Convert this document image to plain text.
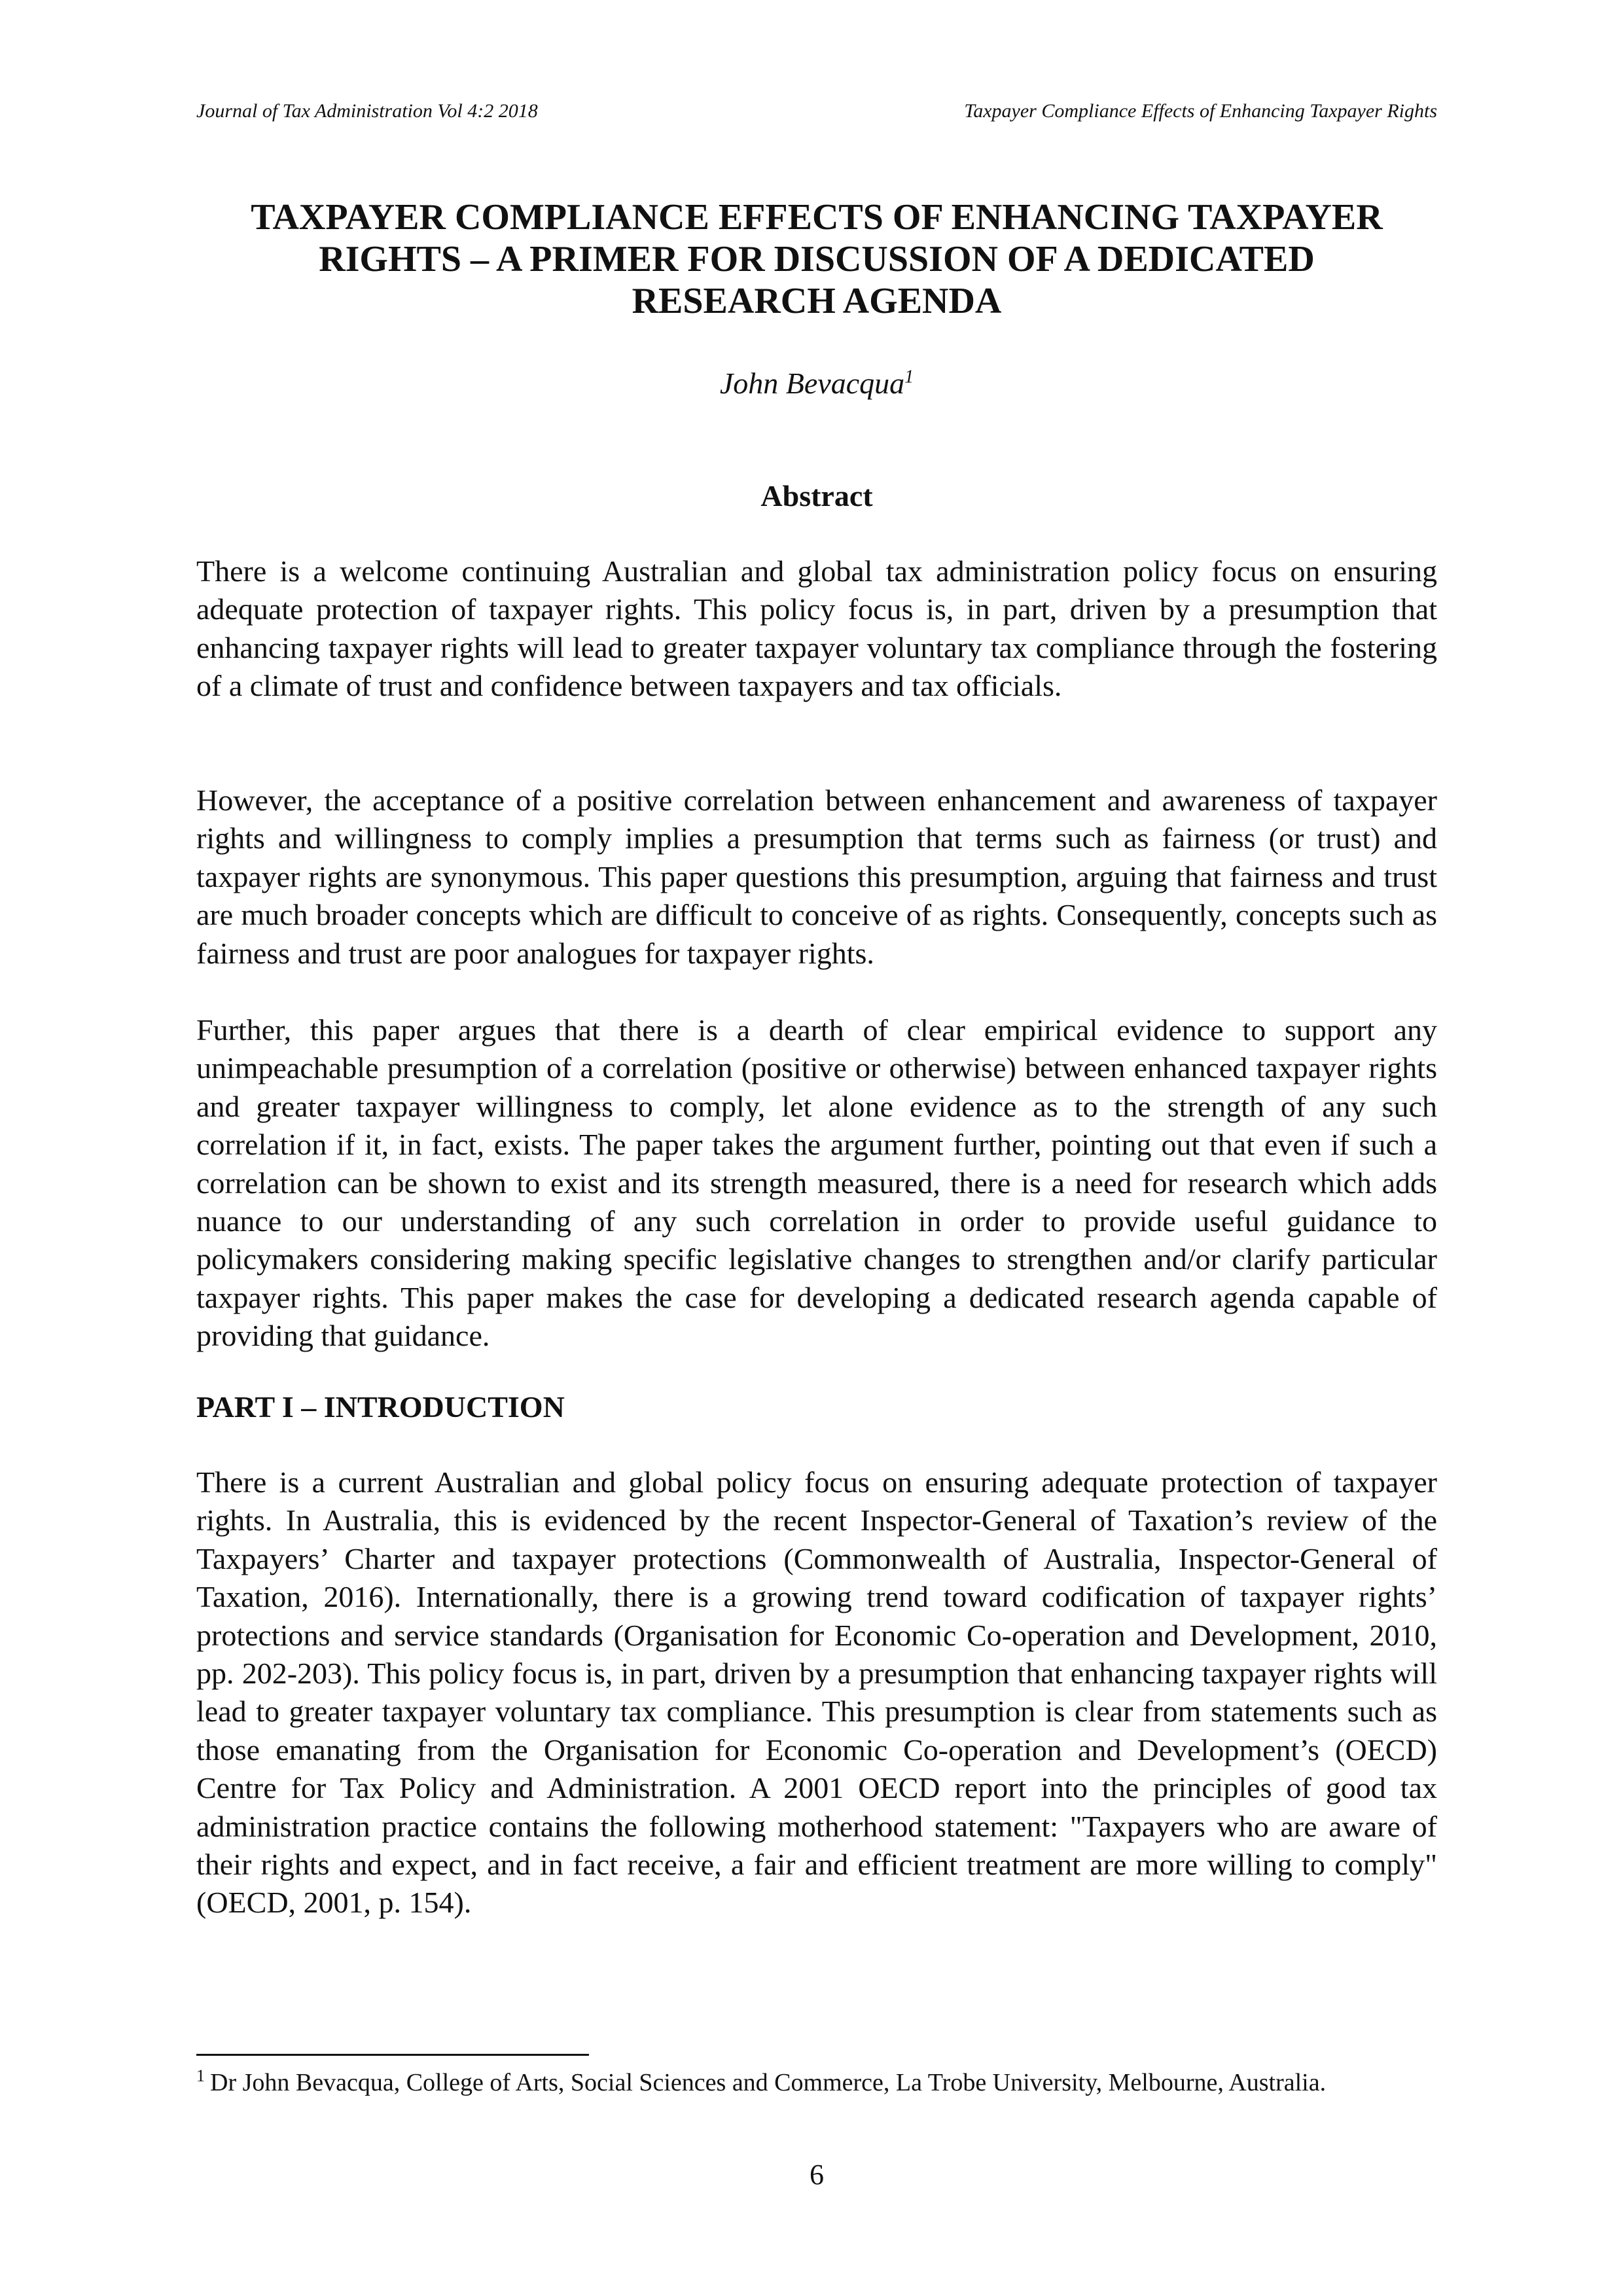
Journal of Tax Administration Vol 4:2 2018	Taxpayer Compliance Effects of Enhancing Taxpayer Rights
TAXPAYER COMPLIANCE EFFECTS OF ENHANCING TAXPAYER
RIGHTS – A PRIMER FOR DISCUSSION OF A DEDICATED
RESEARCH AGENDA
John Bevacqua$^1$
Abstract

There is a welcome continuing Australian and global tax administration policy focus on ensuring adequate protection of taxpayer rights. This policy focus is, in part, driven by a presumption that enhancing taxpayer rights will lead to greater taxpayer voluntary tax compliance through the fostering of a climate of trust and confidence between taxpayers and tax officials.

However, the acceptance of a positive correlation between enhancement and awareness of taxpayer rights and willingness to comply implies a presumption that terms such as fairness (or trust) and taxpayer rights are synonymous. This paper questions this presumption, arguing that fairness and trust are much broader concepts which are difficult to conceive of as rights. Consequently, concepts such as fairness and trust are poor analogues for taxpayer rights.

Further, this paper argues that there is a dearth of clear empirical evidence to support any unimpeachable presumption of a correlation (positive or otherwise) between enhanced taxpayer rights and greater taxpayer willingness to comply, let alone evidence as to the strength of any such correlation if it, in fact, exists. The paper takes the argument further, pointing out that even if such a correlation can be shown to exist and its strength measured, there is a need for research which adds nuance to our understanding of any such correlation in order to provide useful guidance to policymakers considering making specific legislative changes to strengthen and/or clarify particular taxpayer rights. This paper makes the case for developing a dedicated research agenda capable of providing that guidance.

PART I – INTRODUCTION

There is a current Australian and global policy focus on ensuring adequate protection of taxpayer rights. In Australia, this is evidenced by the recent Inspector-General of Taxation’s review of the Taxpayers’ Charter and taxpayer protections (Commonwealth of Australia, Inspector-General of Taxation, 2016). Internationally, there is a growing trend toward codification of taxpayer rights’ protections and service standards (Organisation for Economic Co-operation and Development, 2010, pp. 202-203). This policy focus is, in part, driven by a presumption that enhancing taxpayer rights will lead to greater taxpayer voluntary tax compliance. This presumption is clear from statements such as those emanating from the Organisation for Economic Co-operation and Development’s (OECD) Centre for Tax Policy and Administration. A 2001 OECD report into the principles of good tax administration practice contains the following motherhood statement: "Taxpayers who are aware of their rights and expect, and in fact receive, a fair and efficient treatment are more willing to comply" (OECD, 2001, p. 154).

$^1$ Dr John Bevacqua, College of Arts, Social Sciences and Commerce, La Trobe University, Melbourne, Australia.
6
